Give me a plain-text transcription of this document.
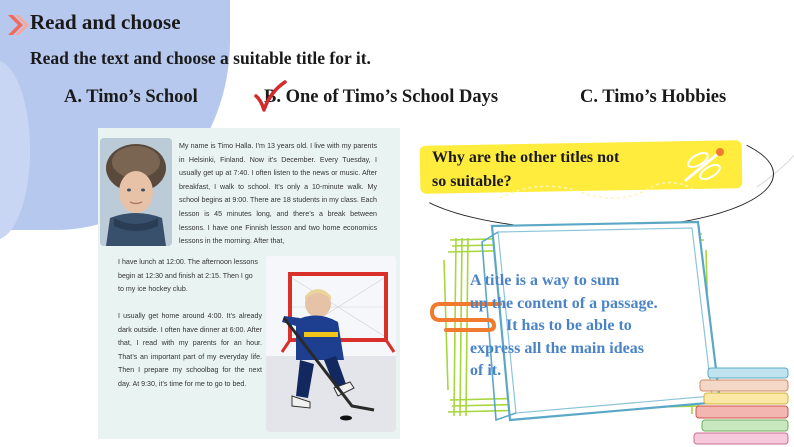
Read and choose
Read the text and choose a suitable title for it.
A. Timo’s School	B. One of Timo’s School Days	C. Timo’s Hobbies

My name is Timo Halla. I’m 13 years old. I live with my parents in Helsinki, Finland. Now it’s December. Every Tuesday, I usually get up at 7:40. I often listen to the news or music. After breakfast, I walk to school. It’s only a 10-minute walk. My school begins at 9:00. There are 18 students in my class. Each lesson is 45 minutes long, and there’s a break between lessons. I have one Finnish lesson and two home economics lessons in the morning. After that,

I have lunch at 12:00. The afternoon lessons begin at 12:30 and finish at 2:15. Then I go to my ice hockey club.

I usually get home around 4:00. It’s already dark outside. I often have dinner at 6:00. After that, I read with my parents for an hour. That’s an important part of my everyday life. Then I prepare my schoolbag for the next day. At 9:30, it’s time for me to go to bed.

Why are the other titles not
so suitable?
A title is a way to sum
up the content of a passage.
It has to be able to
express all the main ideas
of it.
